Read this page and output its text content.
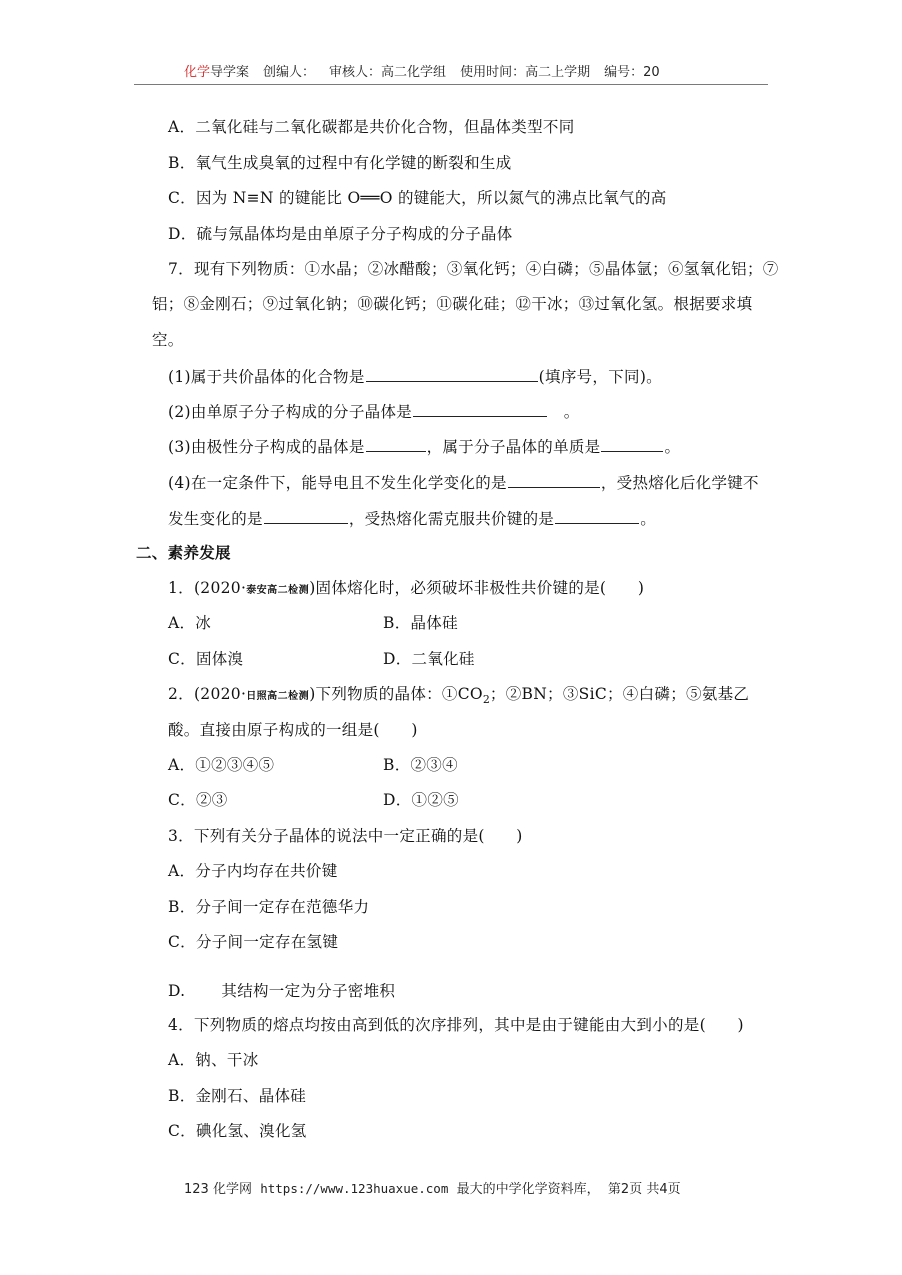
化学导学案 创编人： 审核人：高二化学组 使用时间：高二上学期 编号：20
A．二氧化硅与二氧化碳都是共价化合物，但晶体类型不同
B．氧气生成臭氧的过程中有化学键的断裂和生成
C．因为 N≡N 的键能比 O══O 的键能大，所以氮气的沸点比氧气的高
D．硫与氖晶体均是由单原子分子构成的分子晶体
7．现有下列物质：①水晶；②冰醋酸；③氧化钙；④白磷；⑤晶体氩；⑥氢氧化铝；⑦
铝；⑧金刚石；⑨过氧化钠；⑩碳化钙；⑪碳化硅；⑫干冰；⑬过氧化氢。根据要求填
空。
(1)属于共价晶体的化合物是	(填序号，下同)。
(2)由单原子分子构成的分子晶体是	。
(3)由极性分子构成的晶体是	，属于分子晶体的单质是	。
(4)在一定条件下，能导电且不发生化学变化的是	，受热熔化后化学键不
发生变化的是	，受热熔化需克服共价键的是	。
二、素养发展
1．(2020·泰安高二检测)固体熔化时，必须破坏非极性共价键的是(　　)
A．冰	B．晶体硅
C．固体溴	D．二氧化硅
2．(2020·日照高二检测)下列物质的晶体：$①CO_2$；②BN；③SiC；④白磷；⑤氨基乙
酸。直接由原子构成的一组是(　　)
A．①②③④⑤	B．②③④
C．②③	D．①②⑤
3．下列有关分子晶体的说法中一定正确的是(　　)
A．分子内均存在共价键
B．分子间一定存在范德华力
C．分子间一定存在氢键
D. 其结构一定为分子密堆积
4．下列物质的熔点均按由高到低的次序排列，其中是由于键能由大到小的是(　　)
A．钠、干冰
B．金刚石、晶体硅
C．碘化氢、溴化氢
123 化学网 https://www.123huaxue.com 最大的中学化学资料库， 第2页 共4页
